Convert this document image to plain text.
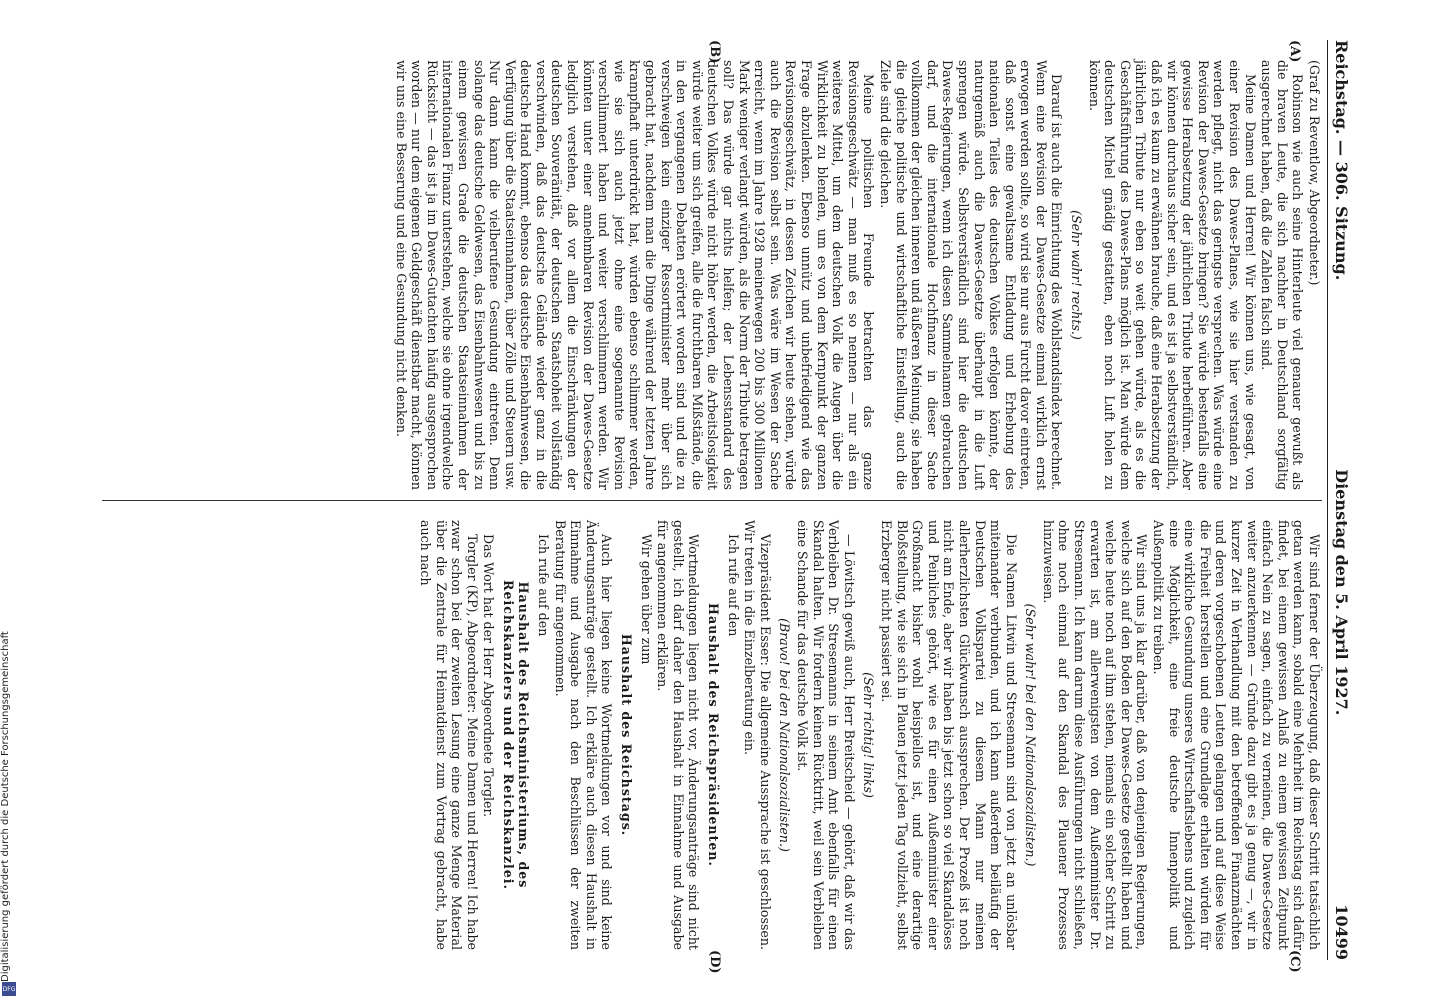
Reichstag. — 306. Sitzung.
Dienstag den 5. April 1927.
10499
(A)
(B)
(C)
(D)

(Graf zu Reventlow, Abgeordneter.)

Robinson wie auch seine Hinterleute viel genauer gewußt als die braven Leute, die sich nachher in Deutschland sorgfältig ausgerechnet haben, daß die Zahlen falsch sind.

Meine Damen und Herren! Wir können uns, wie gesagt, von einer Revision des Dawes-Planes, wie sie hier verstanden zu werden pflegt, nicht das geringste versprechen. Was würde eine Revision der Dawes-Gesetze bringen? Sie würde bestenfalls eine gewisse Herabsetzung der jährlichen Tribute herbeiführen. Aber wir können durchaus sicher sein, und es ist ja selbstverständlich, daß ich es kaum zu erwähnen brauche, daß eine Herabsetzung der jährlichen Tribute nur eben so weit gehen würde, als es die Geschäftsführung des Dawes-Plans möglich ist. Man würde dem deutschen Michel gnädig gestatten, eben noch Luft holen zu können.

(Sehr wahr! rechts.)

Darauf ist auch die Einrichtung des Wohlstandsindex berechnet. Wenn eine Revision der Dawes-Gesetze einmal wirklich ernst erwogen werden sollte, so wird sie nur aus Furcht davor eintreten, daß sonst eine gewaltsame Entladung und Erhebung des nationalen Teiles des deutschen Volkes erfolgen könnte, der naturgemäß auch die Dawes-Gesetze überhaupt in die Luft sprengen würde. Selbstverständlich sind hier die deutschen Dawes-Regierungen, wenn ich diesen Sammelnamen gebrauchen darf, und die internationale Hochfinanz in dieser Sache vollkommen der gleichen inneren und äußeren Meinung, sie haben die gleiche politische und wirtschaftliche Einstellung, auch die Ziele sind die gleichen.

Meine politischen Freunde betrachten das ganze Revisionsgeschwätz — man muß es so nennen — nur als ein weiteres Mittel, um dem deutschen Volk die Augen über die Wirklichkeit zu blenden, um es von dem Kernpunkt der ganzen Frage abzulenken. Ebenso unnütz und unbefriedigend wie das Revisionsgeschwätz, in dessen Zeichen wir heute stehen, würde auch die Revision selbst sein. Was wäre im Wesen der Sache erreicht, wenn im Jahre 1928 meinetwegen 200 bis 300 Millionen Mark weniger verlangt würden, als die Norm der Tribute betragen soll? Das würde gar nichts helfen; der Lebensstandard des deutschen Volkes würde nicht höher werden, die Arbeitslosigkeit würde weiter um sich greifen, alle die furchtbaren Mißstände, die in den vergangenen Debatten erörtert worden sind und die zu verschweigen kein einziger Ressortminister mehr über sich gebracht hat, nachdem man die Dinge während der letzten Jahre krampfhaft unterdrückt hat, würden ebenso schlimmer werden, wie sie sich auch jetzt ohne eine sogenannte Revision verschlimmert haben und weiter verschlimmern werden. Wir könnten unter einer annehmbaren Revision der Dawes-Gesetze lediglich verstehen, daß vor allem die Einschränkungen der deutschen Souveränität, der deutschen Staatshoheit vollständig verschwinden, daß das deutsche Gelände wieder ganz in die deutsche Hand kommt, ebenso das deutsche Eisenbahnwesen, die Verfügung über die Staatseinnahmen, über Zölle und Steuern usw. Nur dann kann die vielberufene Gesundung eintreten. Denn solange das deutsche Geldwesen, das Eisenbahnwesen und bis zu einem gewissen Grade die deutschen Staatseinnahmen der internationalen Finanz unterstehen, welche sie ohne irgendwelche Rücksicht — das ist ja im Dawes-Gutachten häufig ausgesprochen worden — nur dem eigenen Geldgeschäft dienstbar macht, können wir uns eine Besserung und eine Gesundung nicht denken.

Wir sind ferner der Überzeugung, daß dieser Schritt tatsächlich getan werden kann, sobald eine Mehrheit im Reichstag sich dafür findet, bei einem gewissen Anlaß zu einem gewissen Zeitpunkt einfach Nein zu sagen, einfach zu verneinen, die Dawes-Gesetze weiter anzuerkennen — Gründe dazu gibt es ja genug —, wir in kurzer Zeit in Verhandlung mit den betreffenden Finanzmächten und deren vorgeschobenen Leuten gelangen und auf diese Weise die Freiheit herstellen und eine Grundlage erhalten würden für eine wirkliche Gesundung unseres Wirtschaftslebens und zugleich eine Möglichkeit, eine freie deutsche Innenpolitik und Außenpolitik zu treiben.

Wir sind uns ja klar darüber, daß von denjenigen Regierungen, welche sich auf den Boden der Dawes-Gesetze gestellt haben und welche heute noch auf ihm stehen, niemals ein solcher Schritt zu erwarten ist, am allerwenigsten von dem Außenminister Dr. Stresemann. Ich kann darum diese Ausführungen nicht schließen, ohne noch einmal auf den Skandal des Plauener Prozesses hinzuweisen.

(Sehr wahr! bei den Nationalsozialisten.)

Die Namen Litwin und Stresemann sind von jetzt an unlösbar miteinander verbunden, und ich kann außerdem beiläufig der Deutschen Volkspartei zu diesem Mann nur meinen allerherzlichsten Glückwunsch aussprechen. Der Prozeß ist noch nicht am Ende, aber wir haben bis jetzt schon so viel Skandalöses und Peinliches gehört, wie es für einen Außenminister einer Großmacht bisher wohl beispiellos ist, und eine derartige Bloßstellung, wie sie sich in Plauen jetzt jeden Tag vollzieht, selbst Erzberger nicht passiert sei.

(Sehr richtig! links)

— Löwitsch gewiß auch, Herr Breitscheid — gehört, daß wir das Verbleiben Dr. Stresemanns in seinem Amt ebenfalls für einen Skandal halten. Wir fordern keinen Rücktritt, weil sein Verbleiben eine Schande für das deutsche Volk ist.

(Bravo! bei den Nationalsozialisten.)

Vizepräsident Esser: Die allgemeine Aussprache ist geschlossen. Wir treten in die Einzelberatung ein.

Ich rufe auf den

Haushalt des Reichspräsidenten.

Wortmeldungen liegen nicht vor, Änderungsanträge sind nicht gestellt, ich darf daher den Haushalt in Einnahme und Ausgabe für angenommen erklären.

Wir gehen über zum

Haushalt des Reichstags.

Auch hier liegen keine Wortmeldungen vor und sind keine Änderungsanträge gestellt. Ich erkläre auch diesen Haushalt in Einnahme und Ausgabe nach den Beschlüssen der zweiten Beratung für angenommen.

Ich rufe auf den

Haushalt des Reichsministeriums, des Reichskanzlers und der Reichskanzlei.

Das Wort hat der Herr Abgeordnete Torgler.

Torgler (KP), Abgeordneter: Meine Damen und Herren! Ich habe zwar schon bei der zweiten Lesung eine ganze Menge Material über die Zentrale für Heimatdienst zum Vortrag gebracht, habe auch nach

Digitalisierung gefördert durch die Deutsche Forschungsgemeinschaft
DFG
